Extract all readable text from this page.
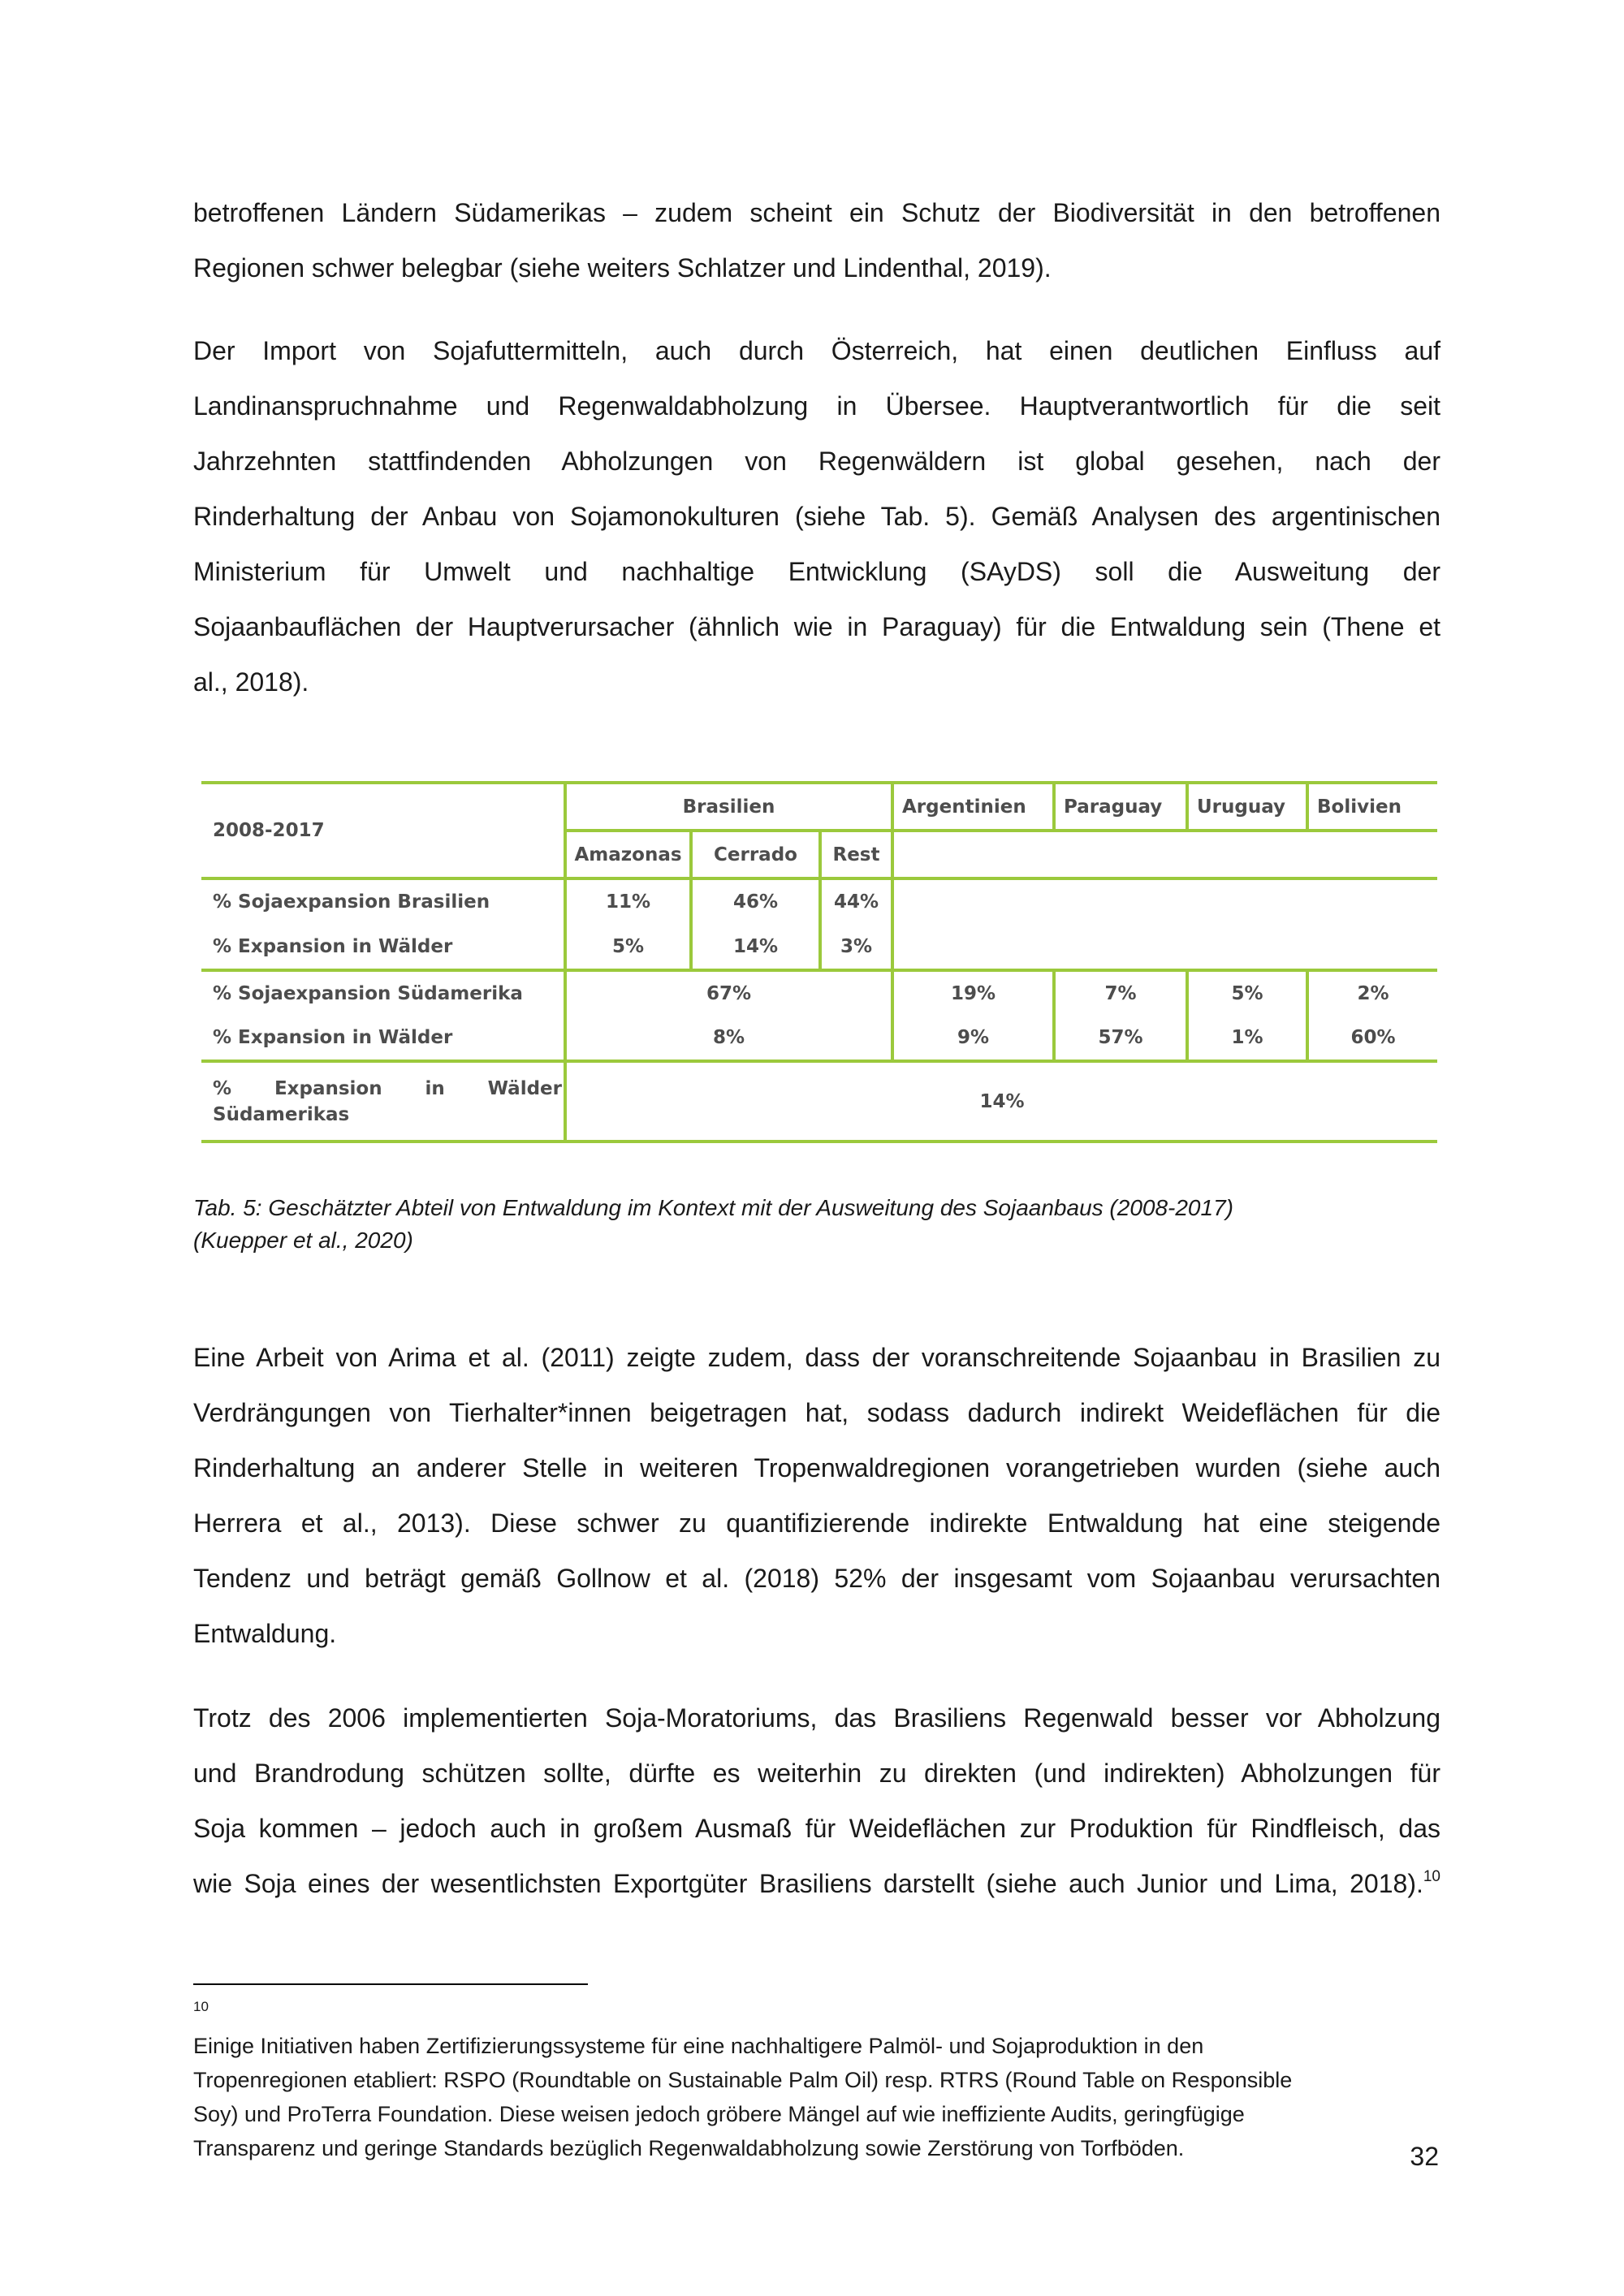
betroffenen Ländern Südamerikas – zudem scheint ein Schutz der Biodiversität in den betroffenen
Regionen schwer belegbar (siehe weiters Schlatzer und Lindenthal, 2019).
Der Import von Sojafuttermitteln, auch durch Österreich, hat einen deutlichen Einfluss auf
Landinanspruchnahme und Regenwaldabholzung in Übersee. Hauptverantwortlich für die seit
Jahrzehnten stattfindenden Abholzungen von Regenwäldern ist global gesehen, nach der
Rinderhaltung der Anbau von Sojamonokulturen (siehe Tab. 5). Gemäß Analysen des argentinischen
Ministerium für Umwelt und nachhaltige Entwicklung (SAyDS) soll die Ausweitung der
Sojaanbauflächen der Hauptverursacher (ähnlich wie in Paraguay) für die Entwaldung sein (Thene et
al., 2018).
2008-2017
Brasilien	Argentinien	Paraguay	Uruguay	Bolivien
Amazonas	Cerrado	Rest
% Sojaexpansion Brasilien	11%	46%	44%
% Expansion in Wälder	5%	14%	3%
% Sojaexpansion Südamerika	67%	19%	7%	5%	2%
% Expansion in Wälder	8%	9%	57%	1%	60%
% Expansion in Wälder
Südamerikas
14%
Tab. 5: Geschätzter Abteil von Entwaldung im Kontext mit der Ausweitung des Sojaanbaus (2008-2017)
(Kuepper et al., 2020)
Eine Arbeit von Arima et al. (2011) zeigte zudem, dass der voranschreitende Sojaanbau in Brasilien zu
Verdrängungen von Tierhalter*innen beigetragen hat, sodass dadurch indirekt Weideflächen für die
Rinderhaltung an anderer Stelle in weiteren Tropenwaldregionen vorangetrieben wurden (siehe auch
Herrera et al., 2013). Diese schwer zu quantifizierende indirekte Entwaldung hat eine steigende
Tendenz und beträgt gemäß Gollnow et al. (2018) 52% der insgesamt vom Sojaanbau verursachten
Entwaldung.
Trotz des 2006 implementierten Soja-Moratoriums, das Brasiliens Regenwald besser vor Abholzung
und Brandrodung schützen sollte, dürfte es weiterhin zu direkten (und indirekten) Abholzungen für
Soja kommen – jedoch auch in großem Ausmaß für Weideflächen zur Produktion für Rindfleisch, das
wie Soja eines der wesentlichsten Exportgüter Brasiliens darstellt (siehe auch Junior und Lima, 2018).$^{10}$
$^{10}$
Einige Initiativen haben Zertifizierungssysteme für eine nachhaltigere Palmöl- und Sojaproduktion in den
Tropenregionen etabliert: RSPO (Roundtable on Sustainable Palm Oil) resp. RTRS (Round Table on Responsible
Soy) und ProTerra Foundation. Diese weisen jedoch gröbere Mängel auf wie ineffiziente Audits, geringfügige
Transparenz und geringe Standards bezüglich Regenwaldabholzung sowie Zerstörung von Torfböden.	32
